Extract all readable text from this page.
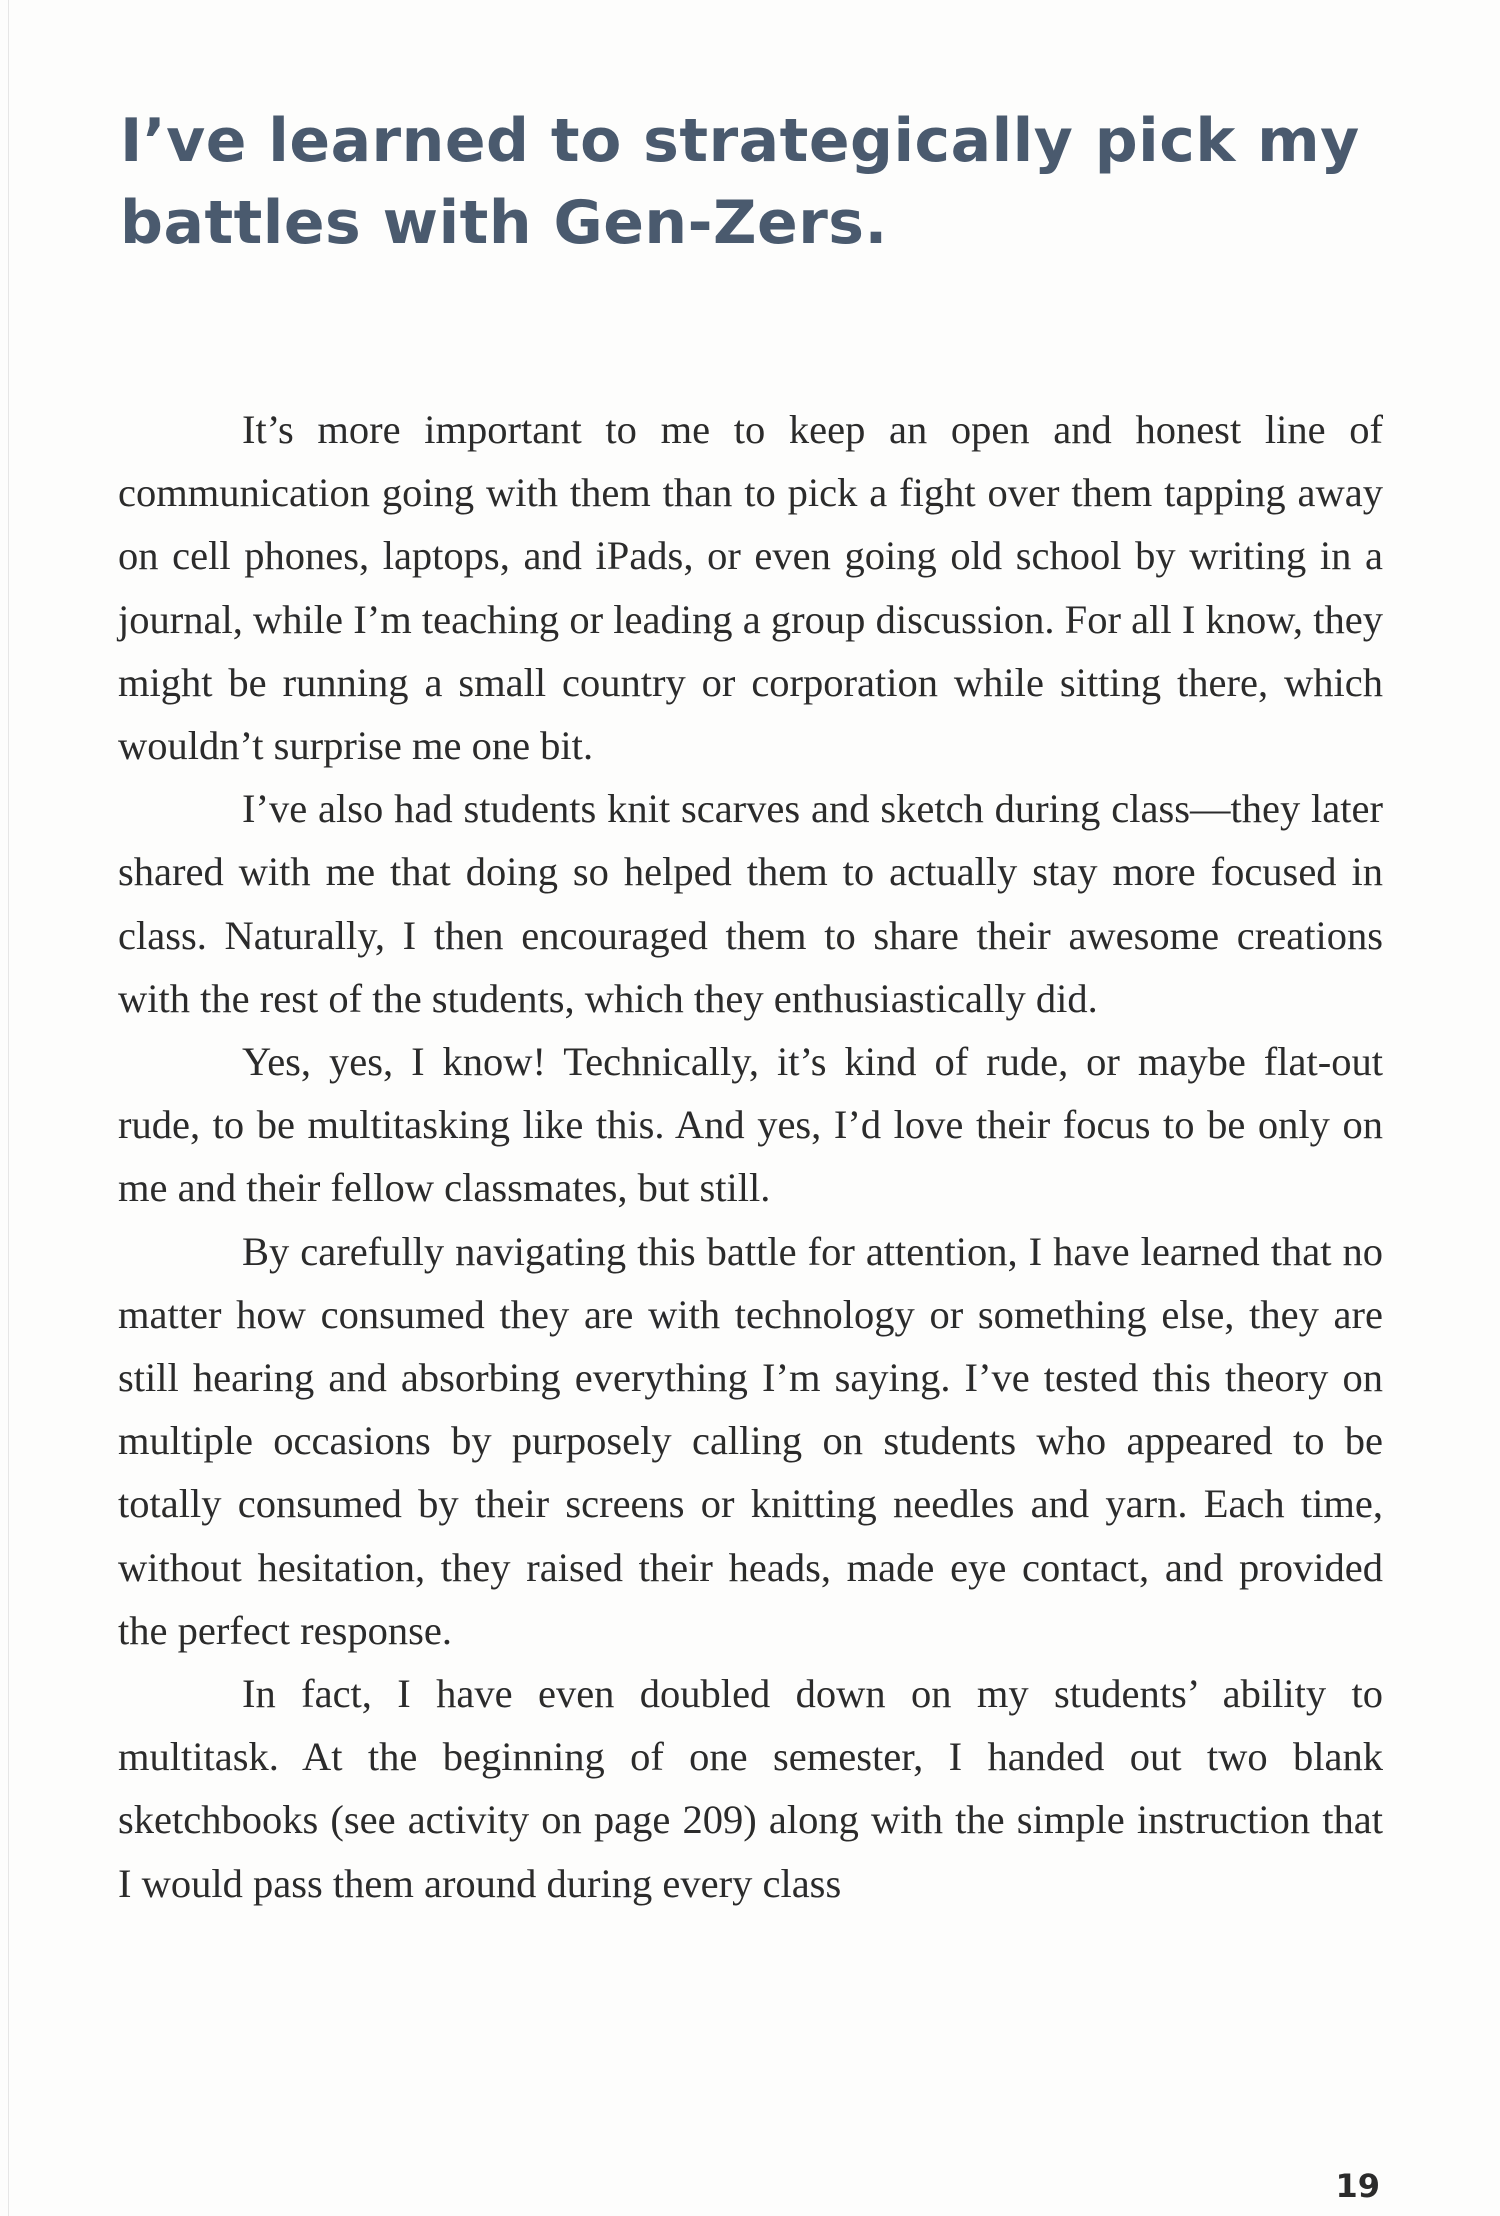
I’ve learned to strategically pick my battles with Gen-Zers.

It’s more important to me to keep an open and honest line of communication going with them than to pick a fight over them tapping away on cell phones, laptops, and iPads, or even going old school by writing in a journal, while I’m teaching or leading a group discussion. For all I know, they might be running a small country or corporation while sitting there, which wouldn’t surprise me one bit.

I’ve also had students knit scarves and sketch during class—they later shared with me that doing so helped them to actually stay more focused in class. Naturally, I then encouraged them to share their awesome creations with the rest of the students, which they enthusiastically did.

Yes, yes, I know! Technically, it’s kind of rude, or maybe flat-out rude, to be multitasking like this. And yes, I’d love their focus to be only on me and their fellow classmates, but still.

By carefully navigating this battle for attention, I have learned that no matter how consumed they are with technology or something else, they are still hearing and absorbing everything I’m saying. I’ve tested this theory on multiple occasions by purposely calling on students who appeared to be totally consumed by their screens or knitting needles and yarn. Each time, without hesitation, they raised their heads, made eye contact, and provided the perfect response.

In fact, I have even doubled down on my students’ ability to multitask. At the beginning of one semester, I handed out two blank sketchbooks (see activity on page 209) along with the simple instruction that I would pass them around during every class

19
